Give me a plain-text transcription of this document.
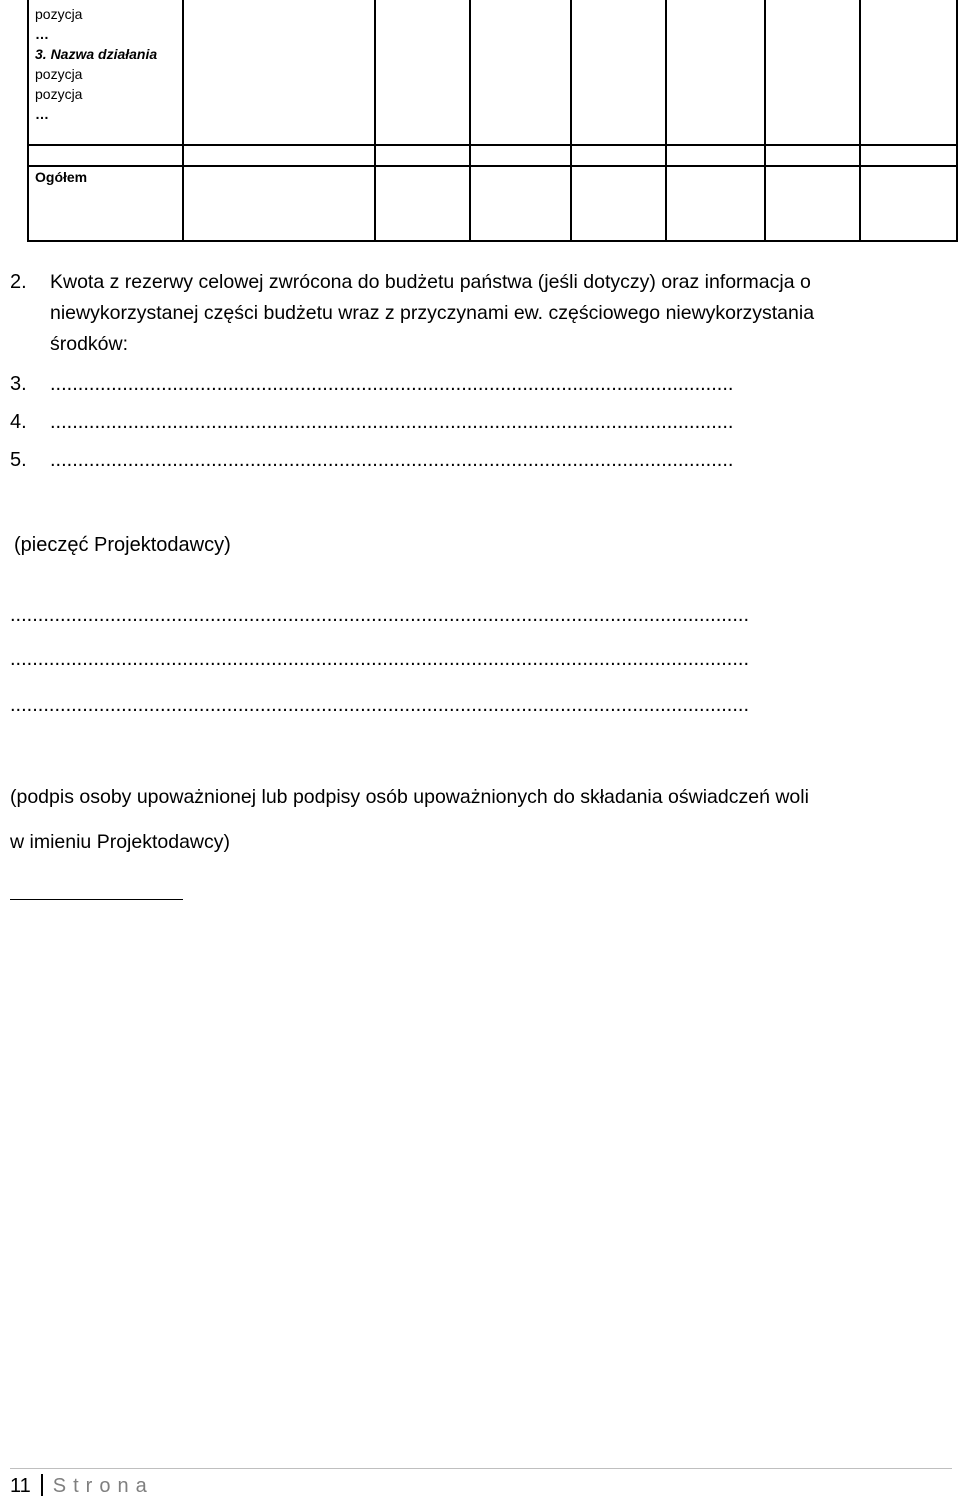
pozycja
…
3. Nazwa działania
pozycja
pozycja
…
Ogółem
2. Kwota z rezerwy celowej zwrócona do budżetu państwa (jeśli dotyczy) oraz informacja o
niewykorzystanej części budżetu wraz z przyczynami ew. częściowego niewykorzystania
środków:
3. ...........................................................................................................................
4. ...........................................................................................................................
5. ...........................................................................................................................
(pieczęć Projektodawcy)
.....................................................................................................................................
.....................................................................................................................................
.....................................................................................................................................
(podpis osoby upoważnionej lub podpisy osób upoważnionych do składania oświadczeń woli
w imieniu Projektodawcy)
11 Strona
